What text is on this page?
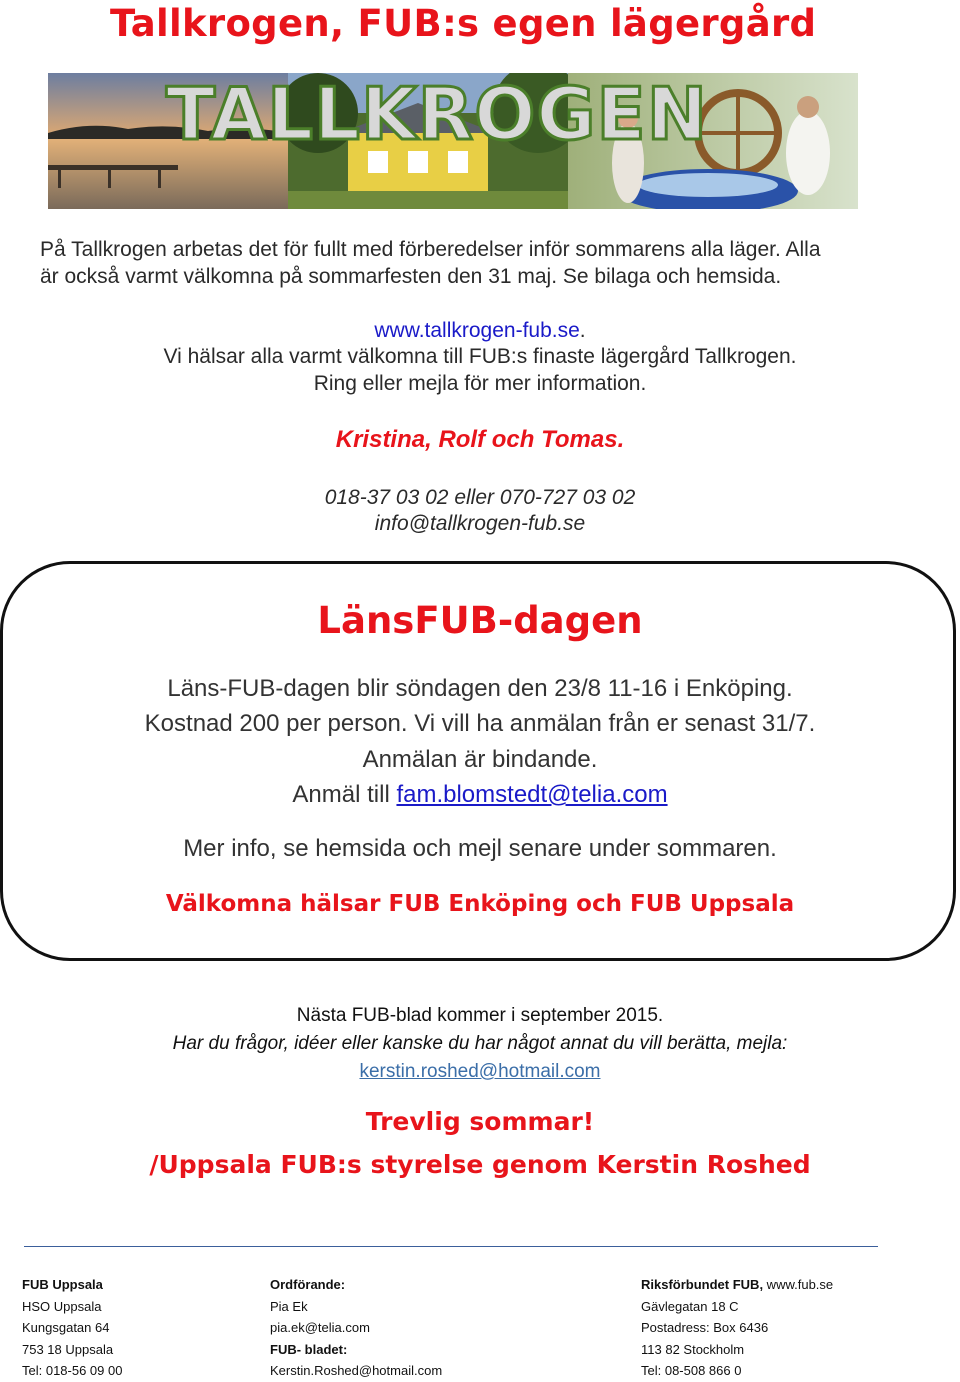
Tallkrogen, FUB:s egen lägergård
TALLKROGEN
På Tallkrogen arbetas det för fullt med förberedelser inför sommarens alla läger. Alla
är också varmt välkomna på sommarfesten den 31 maj. Se bilaga och hemsida.
www.tallkrogen-fub.se.
Vi hälsar alla varmt välkomna till FUB:s finaste lägergård Tallkrogen.
Ring eller mejla för mer information.
Kristina, Rolf och Tomas.
018-37 03 02 eller 070-727 03 02
info@tallkrogen-fub.se
LänsFUB-dagen
Läns-FUB-dagen blir söndagen den 23/8 11-16 i Enköping.
Kostnad 200 per person. Vi vill ha anmälan från er senast 31/7.
Anmälan är bindande.
Anmäl till fam.blomstedt@telia.com
Mer info, se hemsida och mejl senare under sommaren.
Välkomna hälsar FUB Enköping och FUB Uppsala
Nästa FUB-blad kommer i september 2015.
Har du frågor, idéer eller kanske du har något annat du vill berätta, mejla:
kerstin.roshed@hotmail.com
Trevlig sommar!
/Uppsala FUB:s styrelse genom Kerstin Roshed
FUB Uppsala
HSO Uppsala
Kungsgatan 64
753 18 Uppsala
Tel: 018-56 09 00
Ordförande:
Pia Ek
pia.ek@telia.com
FUB- bladet:
Kerstin.Roshed@hotmail.com
Riksförbundet FUB, www.fub.se
Gävlegatan 18 C
Postadress: Box 6436
113 82 Stockholm
Tel: 08-508 866 0
